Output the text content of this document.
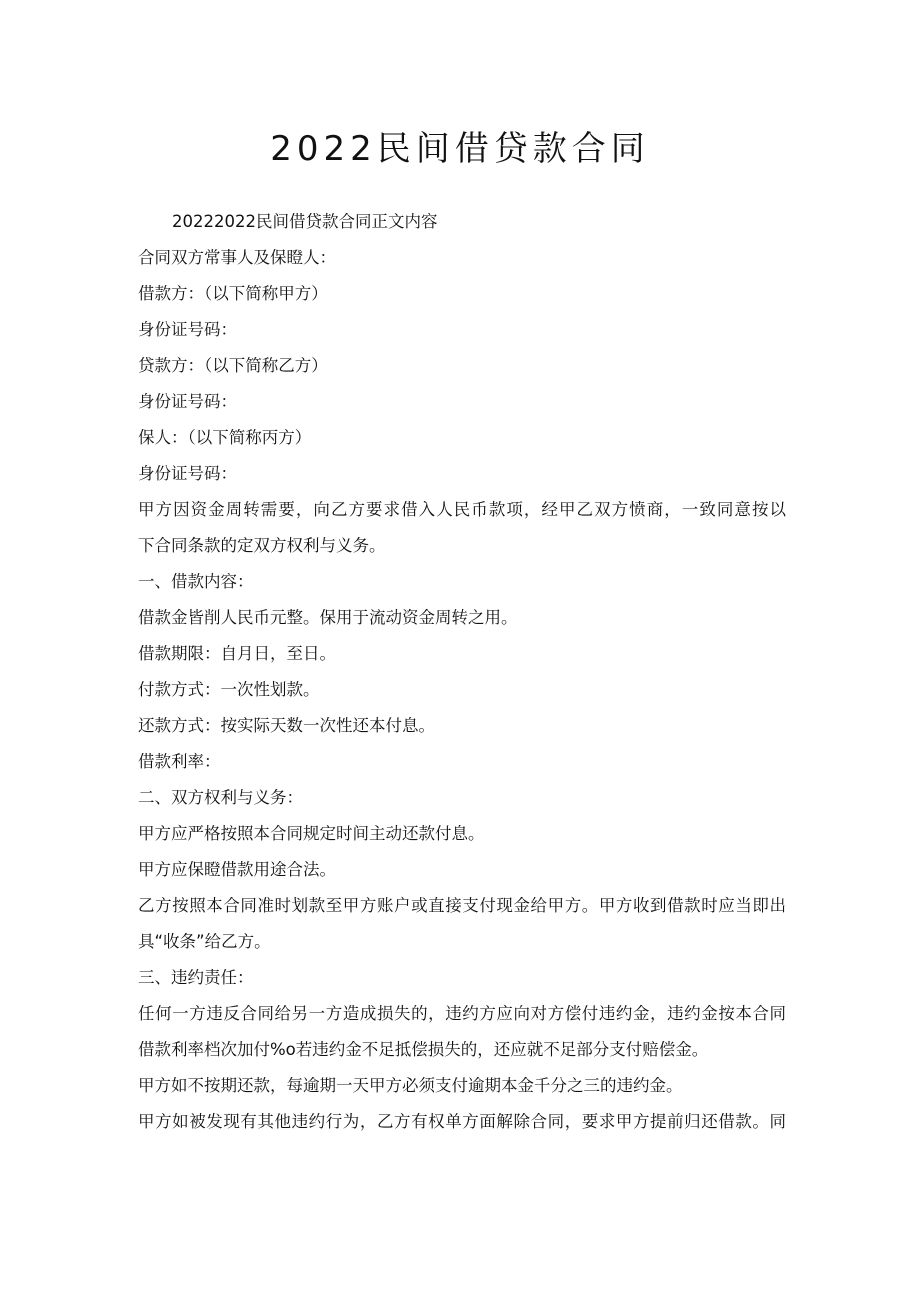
2022民间借贷款合同
20222022民间借贷款合同正文内容
合同双方常事人及保瞪人：
借款方：（以下简称甲方）
身份证号码：
贷款方：（以下简称乙方）
身份证号码：
保人：（以下简称丙方）
身份证号码：
甲方因资金周转需要，向乙方要求借入人民币款项，经甲乙双方愤商，一致同意按以
下合同条款的定双方权利与义务。
一、借款内容：
借款金皆削人民币元整。保用于流动资金周转之用。
借款期限：自月日，至日。
付款方式：一次性划款。
还款方式：按实际天数一次性还本付息。
借款利率：
二、双方权利与义务：
甲方应严格按照本合同规定时间主动还款付息。
甲方应保瞪借款用途合法。
乙方按照本合同准时划款至甲方账户或直接支付现金给甲方。甲方收到借款时应当即出
具“收条”给乙方。
三、违约责任：
任何一方违反合同给另一方造成损失的，违约方应向对方偿付违约金，违约金按本合同
借款利率档次加付%o若违约金不足抵偿损失的，还应就不足部分支付赔偿金。
甲方如不按期还款，每逾期一天甲方必须支付逾期本金千分之三的违约金。
甲方如被发现有其他违约行为，乙方有权单方面解除合同，要求甲方提前归还借款。同
